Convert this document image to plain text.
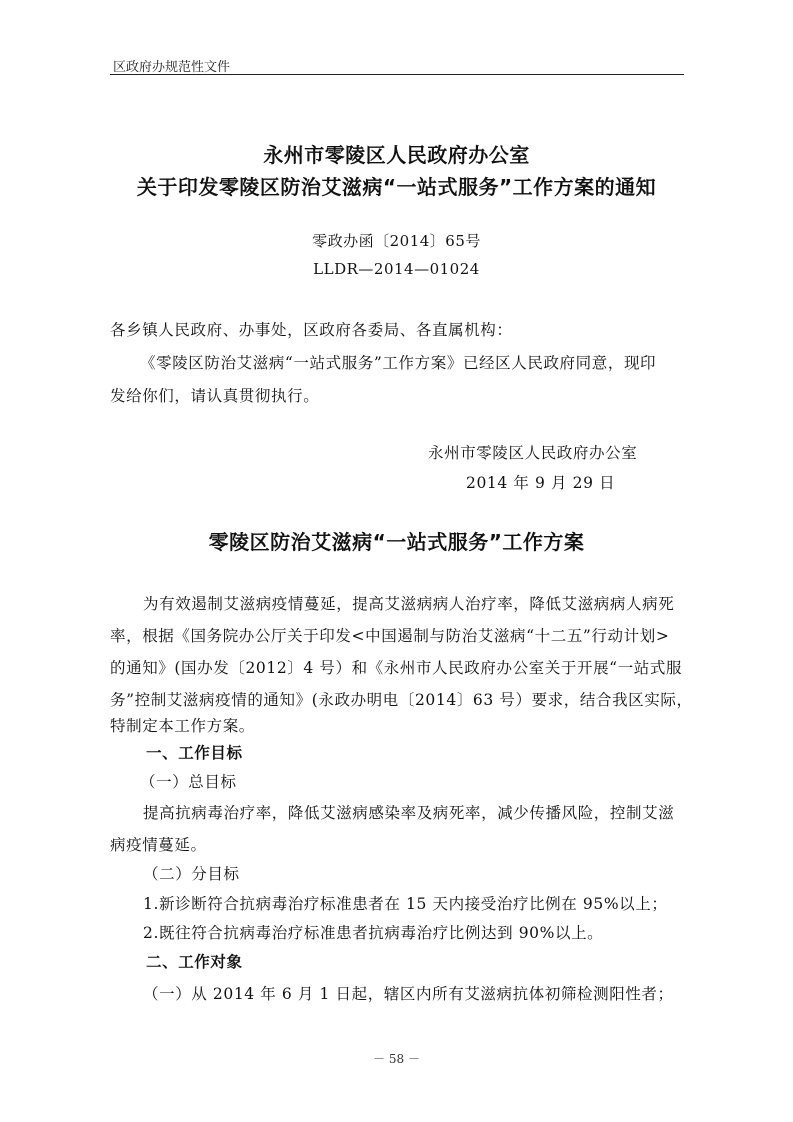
区政府办规范性文件
永州市零陵区人民政府办公室
关于印发零陵区防治艾滋病“一站式服务”工作方案的通知
零政办函〔2014〕65号
LLDR—2014—01024
各乡镇人民政府、办事处，区政府各委局、各直属机构：
《零陵区防治艾滋病“一站式服务”工作方案》已经区人民政府同意，现印
发给你们，请认真贯彻执行。
永州市零陵区人民政府办公室
2014 年 9 月 29 日
零陵区防治艾滋病“一站式服务”工作方案
为有效遏制艾滋病疫情蔓延，提高艾滋病病人治疗率，降低艾滋病病人病死
率，根据《国务院办公厅关于印发<中国遏制与防治艾滋病“十二五”行动计划>
的通知》(国办发〔2012〕4 号）和《永州市人民政府办公室关于开展“一站式服
务”控制艾滋病疫情的通知》(永政办明电〔2014〕63 号）要求，结合我区实际，
特制定本工作方案。
一、工作目标
（一）总目标
提高抗病毒治疗率，降低艾滋病感染率及病死率，减少传播风险，控制艾滋
病疫情蔓延。
（二）分目标
1.新诊断符合抗病毒治疗标准患者在 15 天内接受治疗比例在 95%以上；
2.既往符合抗病毒治疗标准患者抗病毒治疗比例达到 90%以上。
二、工作对象
（一）从 2014 年 6 月 1 日起，辖区内所有艾滋病抗体初筛检测阳性者；
－ 58 －
